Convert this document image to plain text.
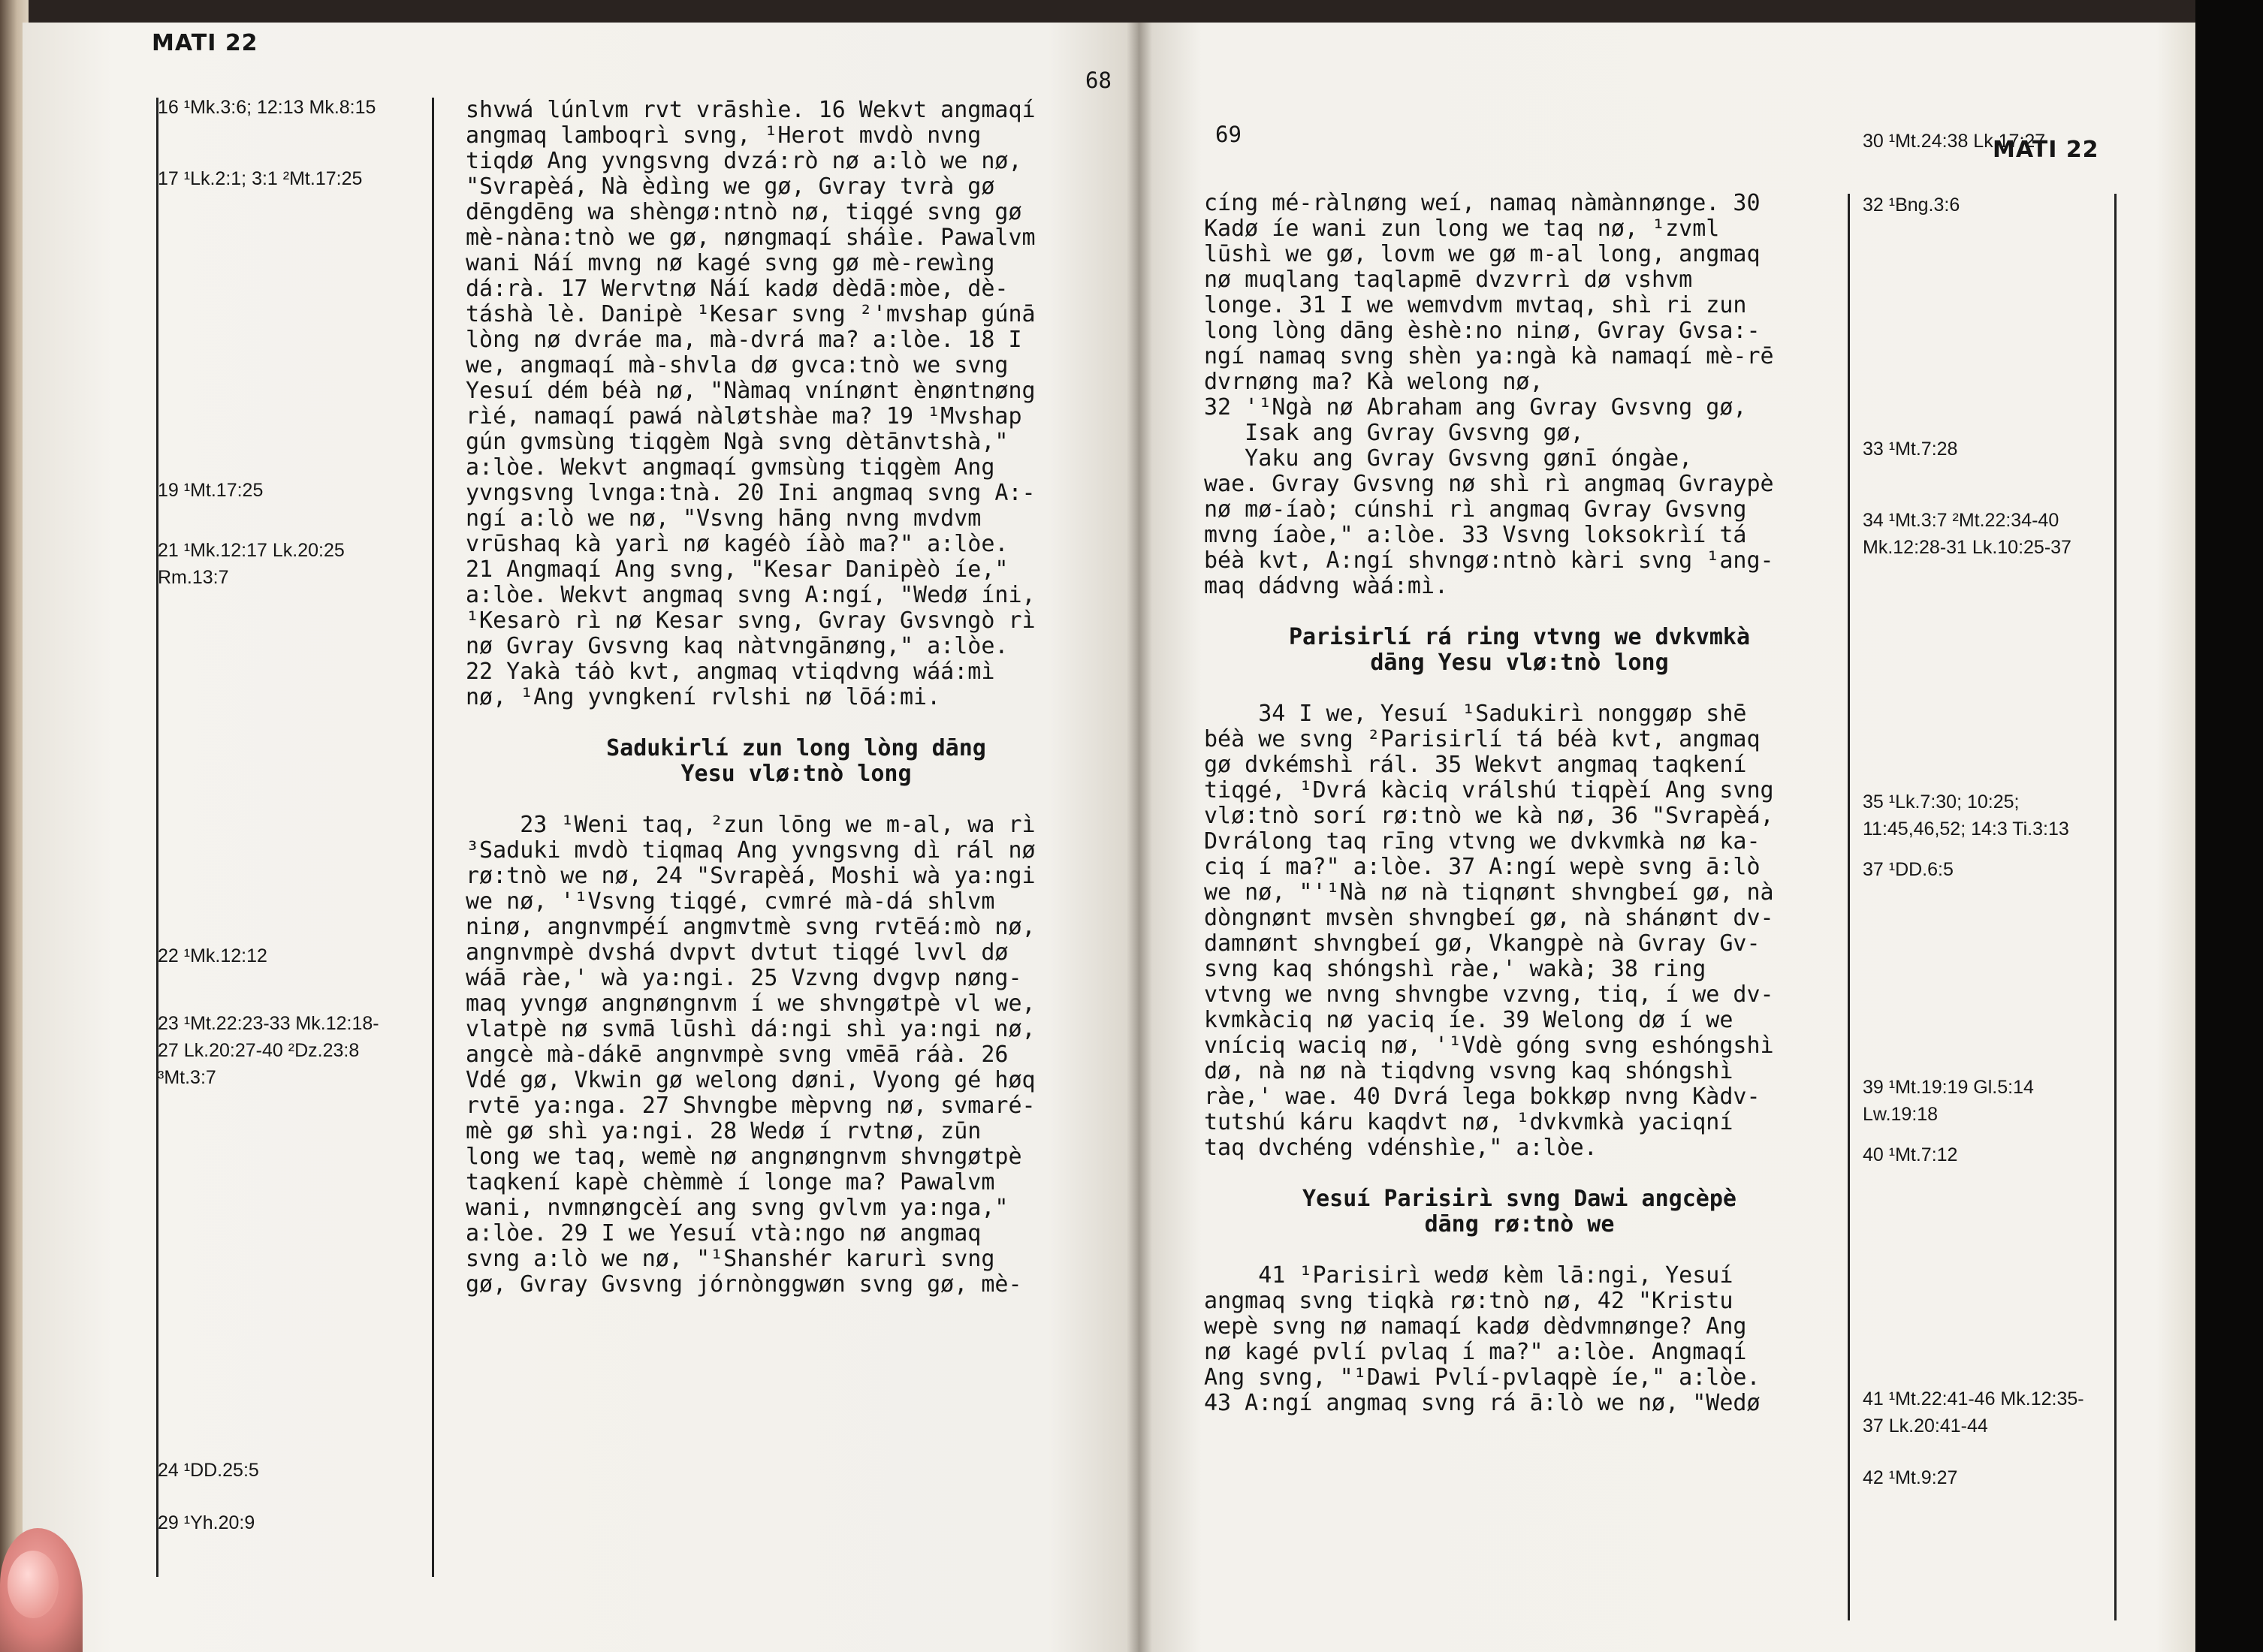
MATI 22
68
16 ¹Mk.3:6; 12:13 Mk.8:15
17 ¹Lk.2:1; 3:1 ²Mt.17:25
19 ¹Mt.17:25
21 ¹Mk.12:17 Lk.20:25
Rm.13:7
22 ¹Mk.12:12
23 ¹Mt.22:23-33 Mk.12:18-
27 Lk.20:27-40 ²Dz.23:8
³Mt.3:7
24 ¹DD.25:5
29 ¹Yh.20:9
shvwá lúnlvm rvt vrāshìe. 16 Wekvt angmaqí
angmaq lamboqrì svng, ¹Herot mvdò nvng
tiqdø Ang yvngsvng dvzá:rò nø a:lò we nø,
"Svrapèá, Nà èdìng we gø, Gvray tvrà gø
dēngdēng wa shèngø:ntnò nø, tiqgé svng gø
mè-nàna:tnò we gø, nøngmaqí sháìe. Pawalvm
wani Náí mvng nø kagé svng gø mè-rewìng
dá:rà. 17 Wervtnø Náí kadø dèdā:mòe, dè-
táshà lè. Danipè ¹Kesar svng ²'mvshap gúnā
lòng nø dvráe ma, mà-dvrá ma? a:lòe. 18 I
we, angmaqí mà-shvla dø gvca:tnò we svng
Yesuí dém béà nø, "Nàmaq vnínønt ènøntnøng
rìé, namaqí pawá nàløtshàe ma? 19 ¹Mvshap
gún gvmsùng tiqgèm Ngà svng dètānvtshà,"
a:lòe. Wekvt angmaqí gvmsùng tiqgèm Ang
yvngsvng lvnga:tnà. 20 Ini angmaq svng A:-
ngí a:lò we nø, "Vsvng hāng nvng mvdvm
vrūshaq kà yarì nø kagéò íàò ma?" a:lòe.
21 Angmaqí Ang svng, "Kesar Danipèò íe,"
a:lòe. Wekvt angmaq svng A:ngí, "Wedø íni,
¹Kesarò rì nø Kesar svng, Gvray Gvsvngò rì
nø Gvray Gvsvng kaq nàtvngānøng," a:lòe.
22 Yakà táò kvt, angmaq vtiqdvng wáá:mì
nø, ¹Ang yvngkení rvlshi nø lōá:mi.
Sadukirlí zun long lòng dāng
Yesu vlø:tnò long
23 ¹Weni taq, ²zun lōng we m-al, wa rì
³Saduki mvdò tiqmaq Ang yvngsvng dì rál nø
rø:tnò we nø, 24 "Svrapèá, Moshi wà ya:ngi
we nø, '¹Vsvng tiqgé, cvmré mà-dá shlvm
ninø, angnvmpéí angmvtmè svng rvtēá:mò nø,
angnvmpè dvshá dvpvt dvtut tiqgé lvvl dø
wáā ràe,' wà ya:ngi. 25 Vzvng dvgvp nøng-
maq yvngø angnøngnvm í we shvngøtpè vl we,
vlatpè nø svmā lūshì dá:ngi shì ya:ngi nø,
angcè mà-dákē angnvmpè svng vmēā ráà. 26
Vdé gø, Vkwin gø welong døni, Vyong gé høq
rvtē ya:nga. 27 Shvngbe mèpvng nø, svmaré-
mè gø shì ya:ngi. 28 Wedø í rvtnø, zūn
long we taq, wemè nø angnøngnvm shvngøtpè
taqkení kapè chèmmè í longe ma? Pawalvm
wani, nvmnøngcèí ang svng gvlvm ya:nga,"
a:lòe. 29 I we Yesuí vtà:ngo nø angmaq
svng a:lò we nø, "¹Shanshér karurì svng
gø, Gvray Gvsvng jórnònggwøn svng gø, mè-
69
MATI 22
30 ¹Mt.24:38 Lk.17:27
32 ¹Bng.3:6
33 ¹Mt.7:28
34 ¹Mt.3:7 ²Mt.22:34-40
Mk.12:28-31 Lk.10:25-37
35 ¹Lk.7:30; 10:25;
11:45,46,52; 14:3 Ti.3:13
37 ¹DD.6:5
39 ¹Mt.19:19 Gl.5:14
Lw.19:18
40 ¹Mt.7:12
41 ¹Mt.22:41-46 Mk.12:35-
37 Lk.20:41-44
42 ¹Mt.9:27
cíng mé-ràlnøng weí, namaq nàmànnønge. 30
Kadø íe wani zun long we taq nø, ¹zvml
lūshì we gø, lovm we gø m-al long, angmaq
nø muqlang taqlapmē dvzvrrì dø vshvm
longe. 31 I we wemvdvm mvtaq, shì ri zun
long lòng dāng èshè:no ninø, Gvray Gvsa:-
ngí namaq svng shèn ya:ngà kà namaqí mè-rē
dvrnøng ma? Kà welong nø,
32 '¹Ngà nø Abraham ang Gvray Gvsvng gø,
Isak ang Gvray Gvsvng gø,
Yaku ang Gvray Gvsvng gønī óngàe,
wae. Gvray Gvsvng nø shì rì angmaq Gvraypè
nø mø-íaò; cúnshi rì angmaq Gvray Gvsvng
mvng íaòe," a:lòe. 33 Vsvng loksokrìí tá
béà kvt, A:ngí shvngø:ntnò kàri svng ¹ang-
maq dádvng wàá:mì.
Parisirlí rá ring vtvng we dvkvmkà
dāng Yesu vlø:tnò long
34 I we, Yesuí ¹Sadukirì nonggøp shē
béà we svng ²Parisirlí tá béà kvt, angmaq
gø dvkémshì rál. 35 Wekvt angmaq taqkení
tiqgé, ¹Dvrá kàciq vrálshú tiqpèí Ang svng
vlø:tnò sorí rø:tnò we kà nø, 36 "Svrapèá,
Dvrálong taq rīng vtvng we dvkvmkà nø ka-
ciq í ma?" a:lòe. 37 A:ngí wepè svng ā:lò
we nø, "'¹Nà nø nà tiqnønt shvngbeí gø, nà
dòngnønt mvsèn shvngbeí gø, nà shánønt dv-
damnønt shvngbeí gø, Vkangpè nà Gvray Gv-
svng kaq shóngshì ràe,' wakà; 38 ring
vtvng we nvng shvngbe vzvng, tiq, í we dv-
kvmkàciq nø yaciq íe. 39 Welong dø í we
vníciq waciq nø, '¹Vdè góng svng eshóngshì
dø, nà nø nà tiqdvng vsvng kaq shóngshì
ràe,' wae. 40 Dvrá lega bokkøp nvng Kàdv-
tutshú káru kaqdvt nø, ¹dvkvmkà yaciqní
taq dvchéng vdénshìe," a:lòe.
Yesuí Parisirì svng Dawi angcèpè
dāng rø:tnò we
41 ¹Parisirì wedø kèm lā:ngi, Yesuí
angmaq svng tiqkà rø:tnò nø, 42 "Kristu
wepè svng nø namaqí kadø dèdvmnønge? Ang
nø kagé pvlí pvlaq í ma?" a:lòe. Angmaqí
Ang svng, "¹Dawi Pvlí-pvlaqpè íe," a:lòe.
43 A:ngí angmaq svng rá ā:lò we nø, "Wedø
